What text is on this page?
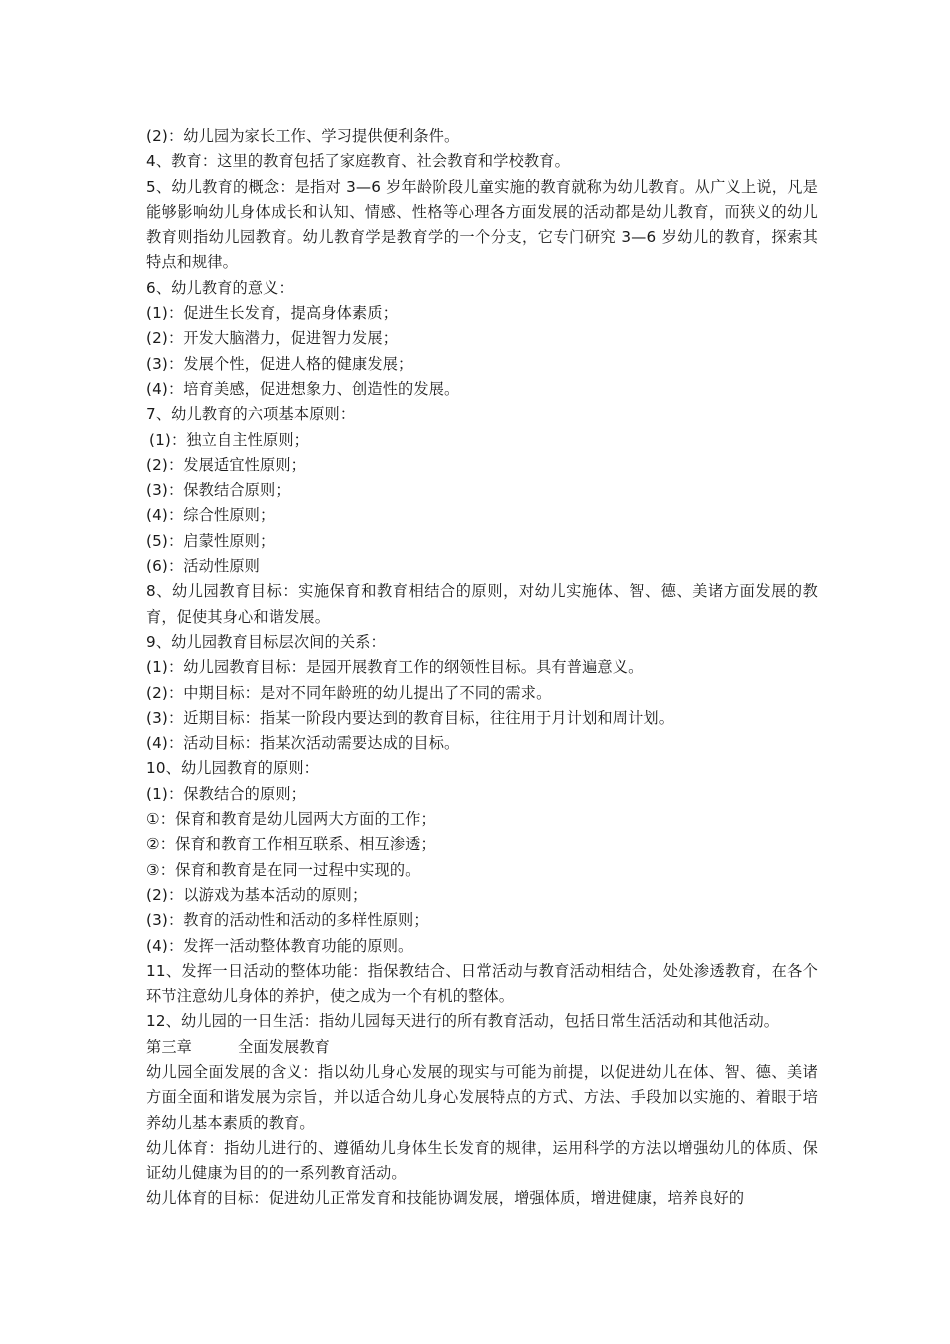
(2)：幼儿园为家长工作、学习提供便利条件。

4、教育：这里的教育包括了家庭教育、社会教育和学校教育。

5、幼儿教育的概念：是指对 3—6 岁年龄阶段儿童实施的教育就称为幼儿教育。从广义上说，凡是能够影响幼儿身体成长和认知、情感、性格等心理各方面发展的活动都是幼儿教育，而狭义的幼儿教育则指幼儿园教育。幼儿教育学是教育学的一个分支，它专门研究 3—6 岁幼儿的教育，探索其特点和规律。

6、幼儿教育的意义：

(1)：促进生长发育，提高身体素质；

(2)：开发大脑潜力，促进智力发展；

(3)：发展个性，促进人格的健康发展；

(4)：培育美感，促进想象力、创造性的发展。

7、幼儿教育的六项基本原则：

(1)：独立自主性原则；

(2)：发展适宜性原则；

(3)：保教结合原则；

(4)：综合性原则；

(5)：启蒙性原则；

(6)：活动性原则

8、幼儿园教育目标：实施保育和教育相结合的原则，对幼儿实施体、智、德、美诸方面发展的教育，促使其身心和谐发展。

9、幼儿园教育目标层次间的关系：

(1)：幼儿园教育目标：是园开展教育工作的纲领性目标。具有普遍意义。

(2)：中期目标：是对不同年龄班的幼儿提出了不同的需求。

(3)：近期目标：指某一阶段内要达到的教育目标，往往用于月计划和周计划。

(4)：活动目标：指某次活动需要达成的目标。

10、幼儿园教育的原则：

(1)：保教结合的原则；

①：保育和教育是幼儿园两大方面的工作；

②：保育和教育工作相互联系、相互渗透；

③：保育和教育是在同一过程中实现的。

(2)：以游戏为基本活动的原则；

(3)：教育的活动性和活动的多样性原则；

(4)：发挥一活动整体教育功能的原则。

11、发挥一日活动的整体功能：指保教结合、日常活动与教育活动相结合，处处渗透教育，在各个环节注意幼儿身体的养护，使之成为一个有机的整体。

12、幼儿园的一日生活：指幼儿园每天进行的所有教育活动，包括日常生活活动和其他活动。

第三章	全面发展教育

幼儿园全面发展的含义：指以幼儿身心发展的现实与可能为前提，以促进幼儿在体、智、德、美诸方面全面和谐发展为宗旨，并以适合幼儿身心发展特点的方式、方法、手段加以实施的、着眼于培养幼儿基本素质的教育。

幼儿体育：指幼儿进行的、遵循幼儿身体生长发育的规律，运用科学的方法以增强幼儿的体质、保证幼儿健康为目的的一系列教育活动。

幼儿体育的目标：促进幼儿正常发育和技能协调发展，增强体质，增进健康，培养良好的
